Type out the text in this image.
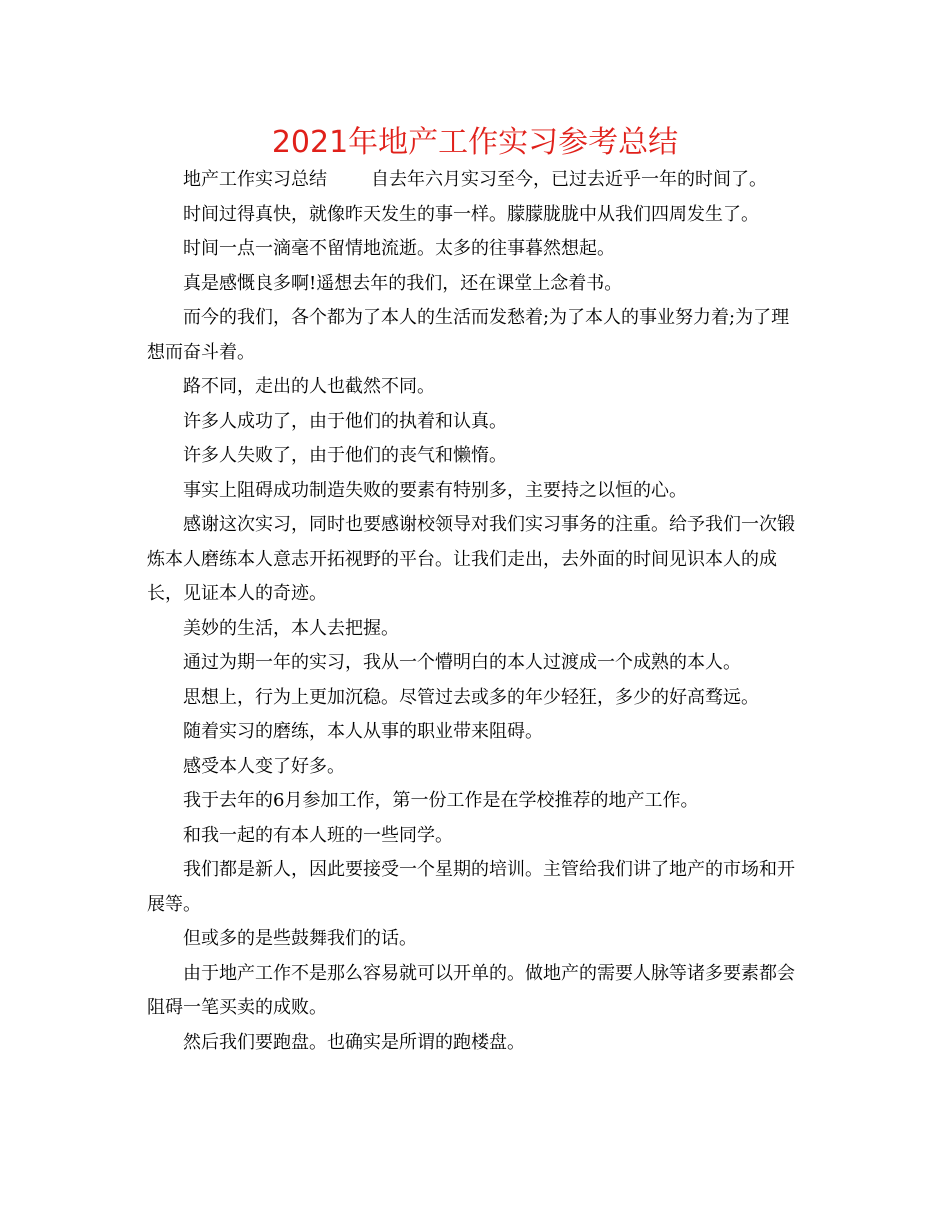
2021年地产工作实习参考总结

地产工作实习总结 自去年六月实习至今，已过去近乎一年的时间了。

时间过得真快，就像昨天发生的事一样。朦朦胧胧中从我们四周发生了。

时间一点一滴毫不留情地流逝。太多的往事暮然想起。

真是感慨良多啊!遥想去年的我们，还在课堂上念着书。

而今的我们，各个都为了本人的生活而发愁着;为了本人的事业努力着;为了理想而奋斗着。

路不同，走出的人也截然不同。

许多人成功了，由于他们的执着和认真。

许多人失败了，由于他们的丧气和懒惰。

事实上阻碍成功制造失败的要素有特别多，主要持之以恒的心。

感谢这次实习，同时也要感谢校领导对我们实习事务的注重。给予我们一次锻炼本人磨练本人意志开拓视野的平台。让我们走出，去外面的时间见识本人的成长，见证本人的奇迹。

美妙的生活，本人去把握。

通过为期一年的实习，我从一个懵明白的本人过渡成一个成熟的本人。

思想上，行为上更加沉稳。尽管过去或多的年少轻狂，多少的好高骛远。

随着实习的磨练，本人从事的职业带来阻碍。

感受本人变了好多。

我于去年的6月参加工作，第一份工作是在学校推荐的地产工作。

和我一起的有本人班的一些同学。

我们都是新人，因此要接受一个星期的培训。主管给我们讲了地产的市场和开展等。

但或多的是些鼓舞我们的话。

由于地产工作不是那么容易就可以开单的。做地产的需要人脉等诸多要素都会阻碍一笔买卖的成败。

然后我们要跑盘。也确实是所谓的跑楼盘。
